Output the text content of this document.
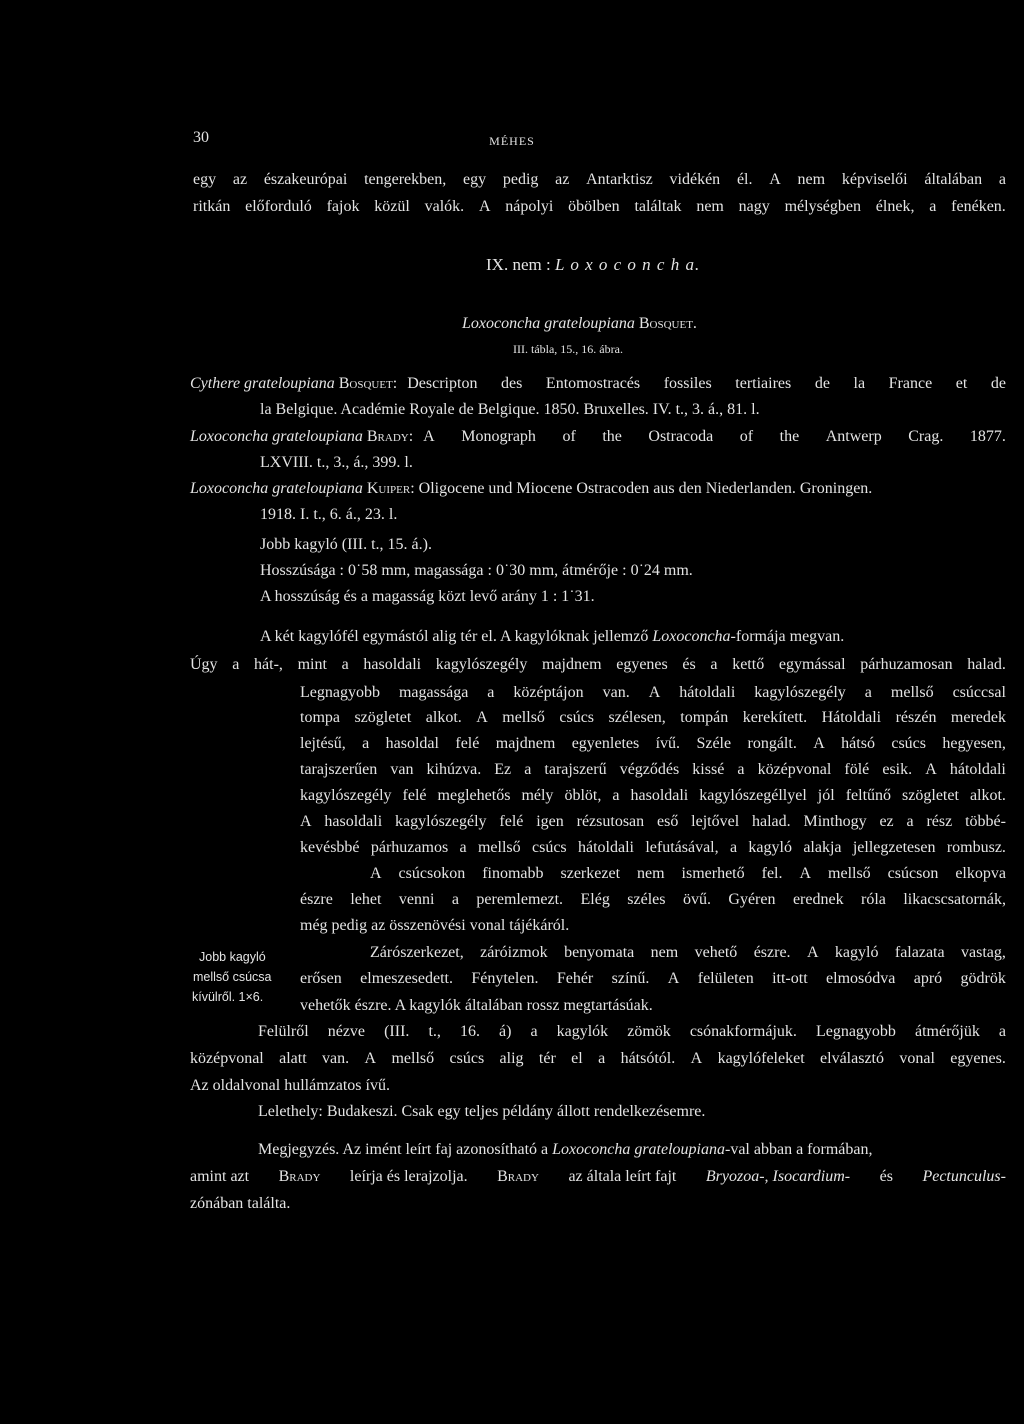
30	MÉHES
egy az északeurópai tengerekben, egy pedig az Antarktisz vidékén él. A nem képviselői általában a
ritkán előforduló fajok közül valók. A nápolyi öbölben találtak nem nagy mélységben élnek, a fenéken.
IX. nem : L o x o c o n c h a.
Loxoconcha grateloupiana Bosquet.
III. tábla, 15., 16. ábra.
Cythere grateloupiana Bosquet: Descripton des Entomostracés fossiles tertiaires de la France et de
la Belgique. Académie Royale de Belgique. 1850. Bruxelles. IV. t., 3. á., 81. l.
Loxoconcha grateloupiana Brady: A Monograph of the Ostracoda of the Antwerp Crag. 1877.
LXVIII. t., 3., á., 399. l.
Loxoconcha grateloupiana Kuiper: Oligocene und Miocene Ostracoden aus den Niederlanden. Groningen.
1918. I. t., 6. á., 23. l.
Jobb kagyló (III. t., 15. á.).
Hosszúsága : 0˙58 mm, magassága : 0˙30 mm, átmérője : 0˙24 mm.
A hosszúság és a magasság közt levő arány 1 : 1˙31.
A két kagylófél egymástól alig tér el. A kagylóknak jellemző Loxoconcha-formája megvan.
Úgy a hát-, mint a hasoldali kagylószegély majdnem egyenes és a kettő egymással párhuzamosan halad.
Legnagyobb magassága a középtájon van. A hátoldali kagylószegély a mellső csúccsal
tompa szögletet alkot. A mellső csúcs szélesen, tompán kerekített. Hátoldali részén meredek
lejtésű, a hasoldal felé majdnem egyenletes ívű. Széle rongált. A hátsó csúcs hegyesen,
tarajszerűen van kihúzva. Ez a tarajszerű végződés kissé a középvonal fölé esik. A hátoldali
kagylószegély felé meglehetős mély öblöt, a hasoldali kagylószegéllyel jól feltűnő szögletet alkot.
A hasoldali kagylószegély felé igen rézsutosan eső lejtővel halad. Minthogy ez a rész többé-
kevésbbé párhuzamos a mellső csúcs hátoldali lefutásával, a kagyló alakja jellegzetesen rombusz.
A csúcsokon finomabb szerkezet nem ismerhető fel. A mellső csúcson elkopva
észre lehet venni a peremlemezt. Elég széles övű. Gyéren erednek róla likacscsatornák,
még pedig az összenövési vonal tájékáról.
Zárószerkezet, záróizmok benyomata nem vehető észre. A kagyló falazata vastag,
erősen elmeszesedett. Fénytelen. Fehér színű. A felületen itt-ott elmosódva apró gödrök
vehetők észre. A kagylók általában rossz megtartásúak.
Jobb kagyló
mellső csúcsa
kívülről. 1×6.
Felülről nézve (III. t., 16. á) a kagylók zömök csónakformájuk. Legnagyobb átmérőjük a
középvonal alatt van. A mellső csúcs alig tér el a hátsótól. A kagylófeleket elválasztó vonal egyenes.
Az oldalvonal hullámzatos ívű.
Lelethely: Budakeszi. Csak egy teljes példány állott rendelkezésemre.
Megjegyzés. Az imént leírt faj azonosítható a Loxoconcha grateloupiana-val abban a formában,
amint azt Brady leírja és lerajzolja. Brady az általa leírt fajt Bryozoa-, Isocardium- és Pectunculus-
zónában találta.
